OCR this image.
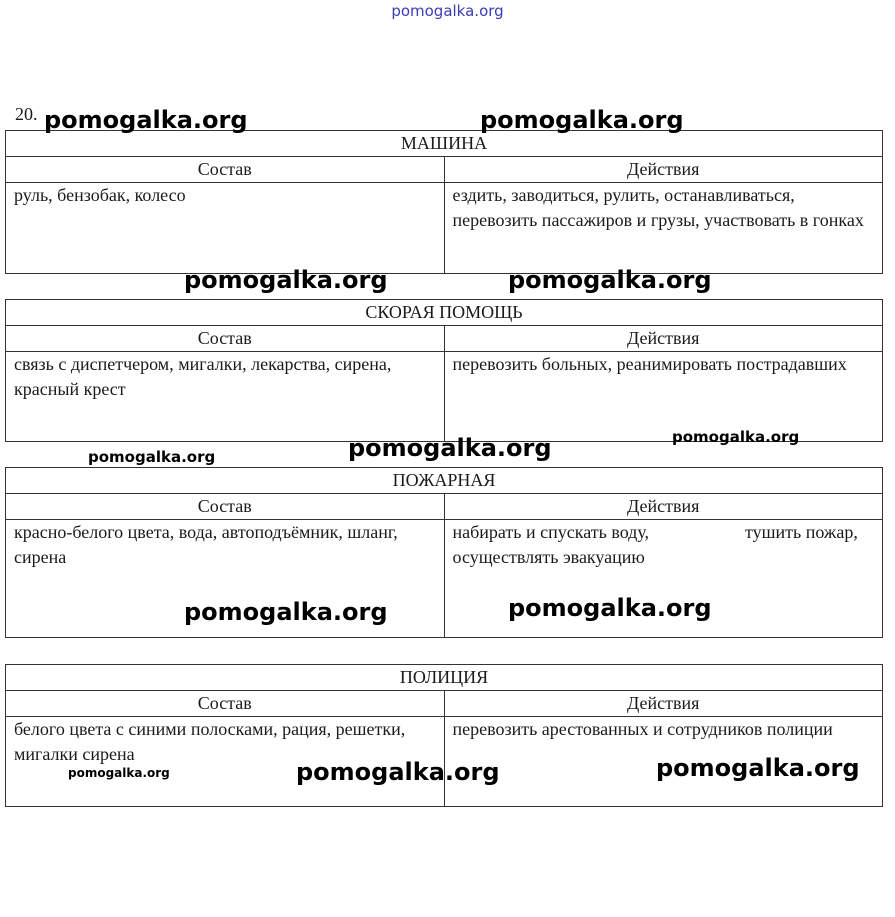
pomogalka.org
20.
МАШИНА	
Состав	Действия
руль, бензобак, колесо	ездить, заводиться, рулить, останавливаться, перевозить пассажиров и грузы, участвовать в гонках
СКОРАЯ ПОМОЩЬ	
Состав	Действия
связь с диспетчером, мигалки, лекарства, сирена, красный крест	перевозить больных, реанимировать пострадавших
ПОЖАРНАЯ	
Состав	Действия
красно-белого цвета, вода, автоподъёмник, шланг, сирена	набирать и спускать воду, тушить пожар, осуществлять эвакуацию
ПОЛИЦИЯ	
Состав	Действия
белого цвета с синими полосками, рация, решетки, мигалки сирена	перевозить арестованных и сотрудников полиции
pomogalka.org	pomogalka.org
pomogalka.org	pomogalka.org
pomogalka.org	pomogalka.org
pomogalka.org
pomogalka.org	pomogalka.org
pomogalka.org	pomogalka.org
pomogalka.org
